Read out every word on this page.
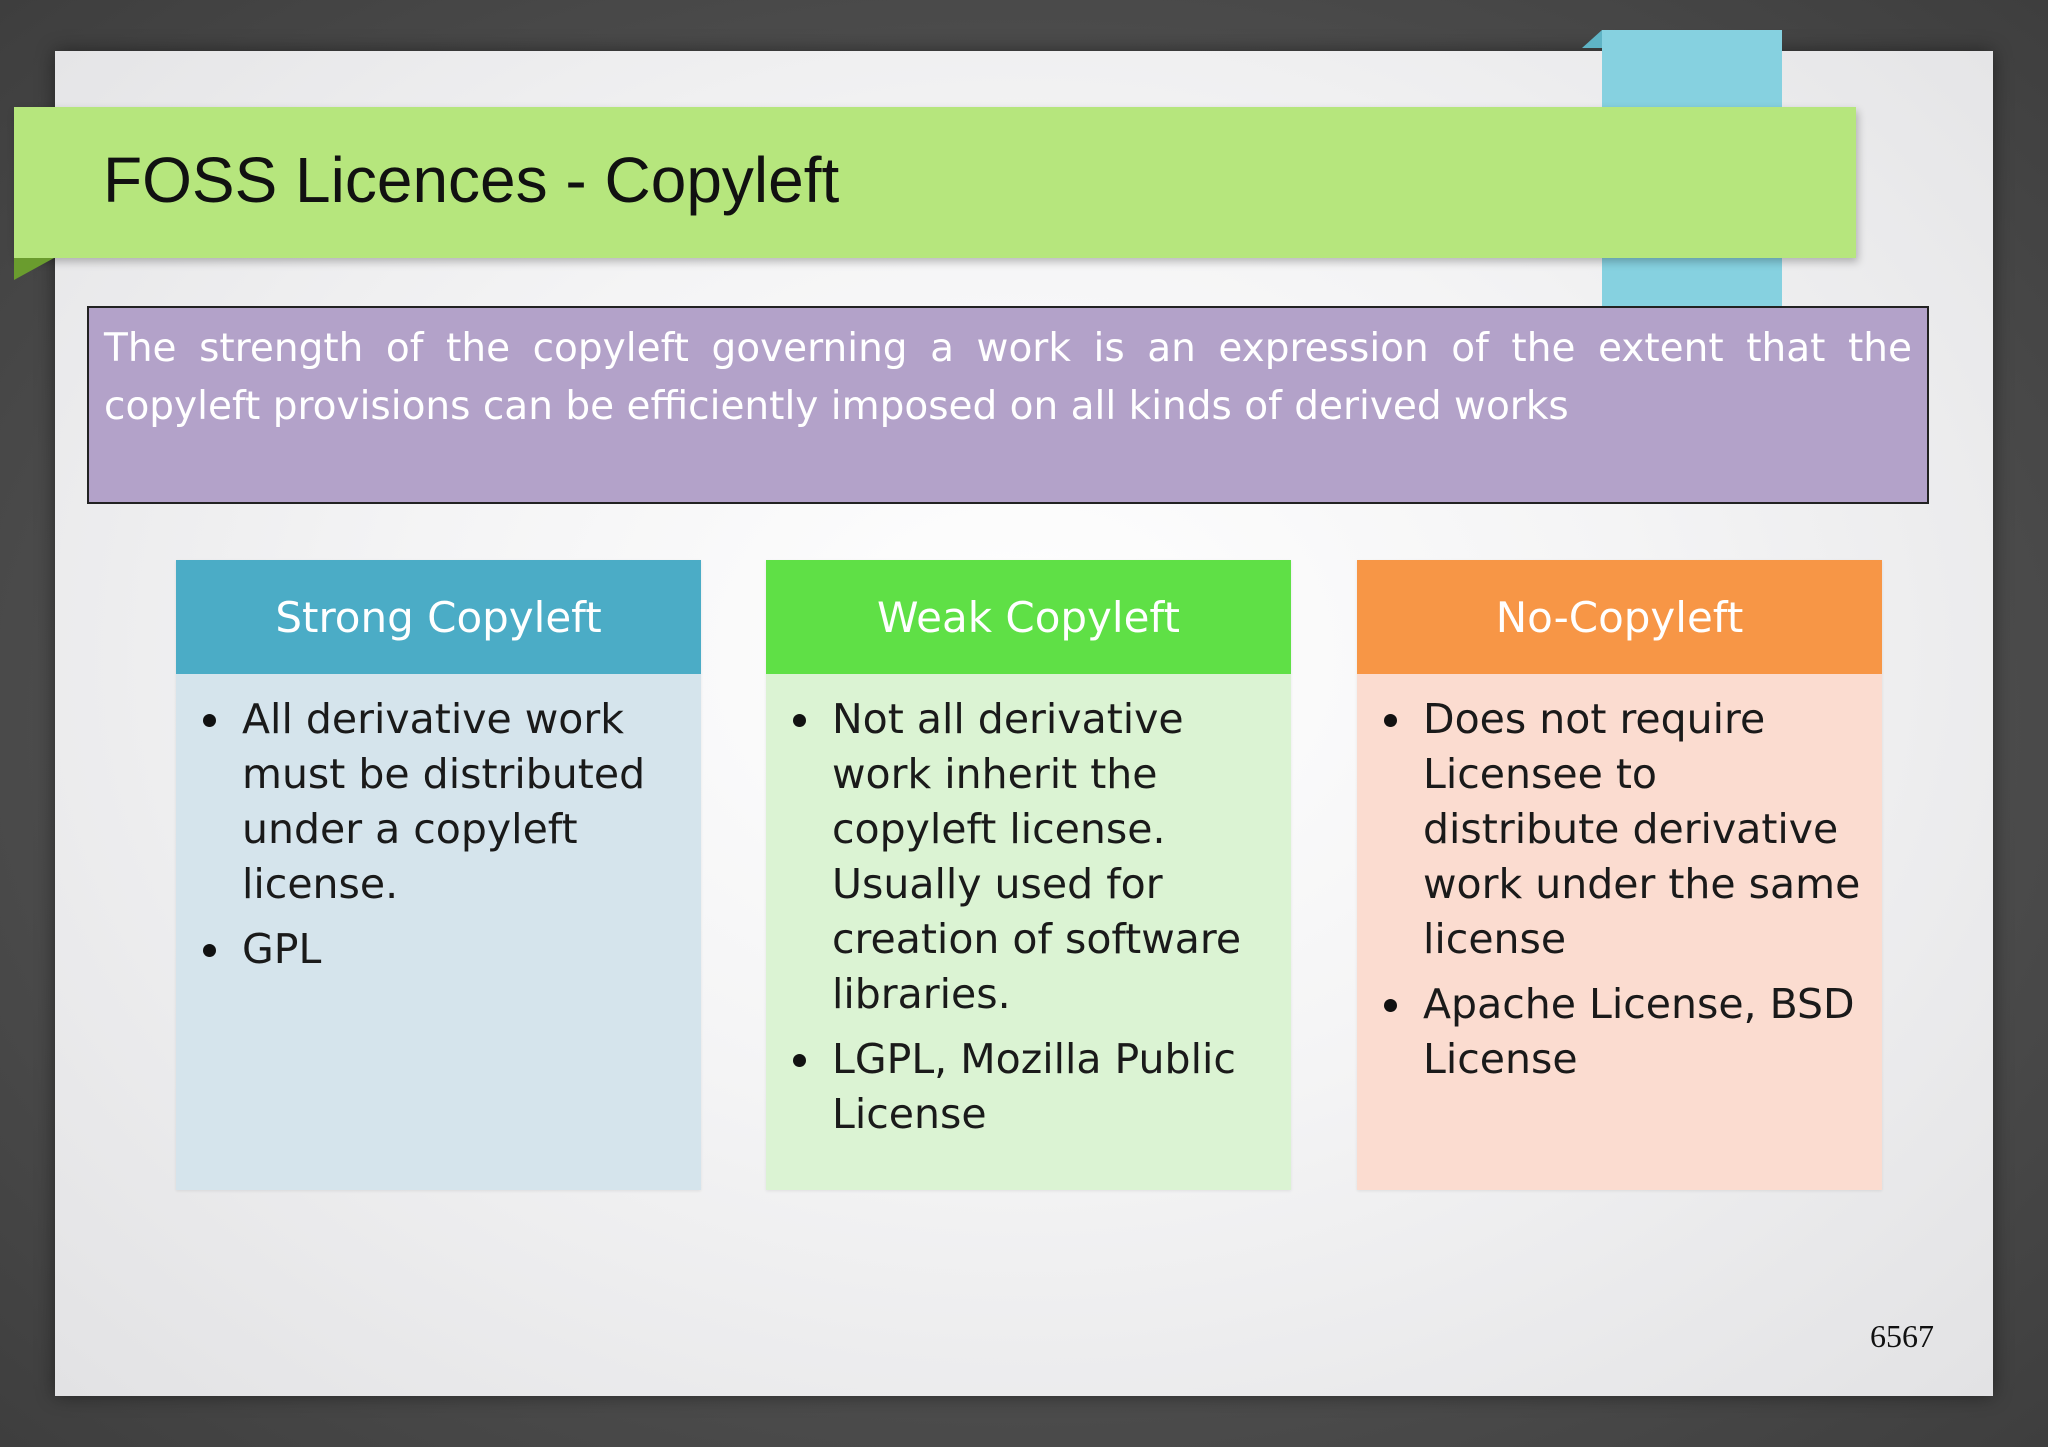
FOSS Licences - Copyleft
The strength of the copyleft governing a work is an expression of the extent that the copyleft provisions can be efficiently imposed on all kinds of derived works
Strong Copyleft
All derivative work must be distributed under a copyleft license.
GPL
Weak Copyleft
Not all derivative work inherit the copyleft license. Usually used for creation of software libraries.
LGPL, Mozilla Public License
No-Copyleft
Does not require Licensee to distribute derivative work under the same license
Apache License, BSD License
6567
